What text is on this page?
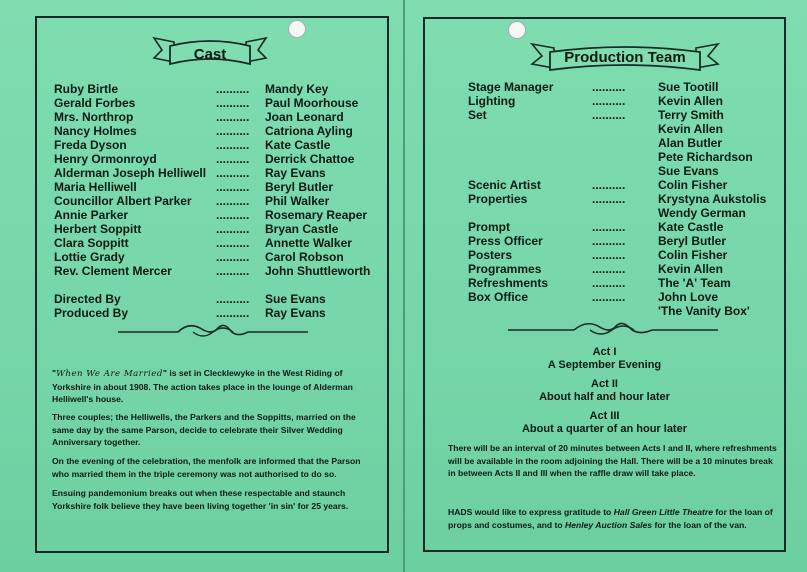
Cast	Production Team
Ruby Birtle	.......... Mandy Key
Gerald Forbes	.......... Paul Moorhouse
Mrs. Northrop	.......... Joan Leonard
Nancy Holmes	.......... Catriona Ayling
Freda Dyson	.......... Kate Castle
Henry Ormonroyd	.......... Derrick Chattoe
Alderman Joseph Helliwell .......... Ray Evans
Maria Helliwell	.......... Beryl Butler
Councillor Albert Parker .......... Phil Walker
Annie Parker	.......... Rosemary Reaper
Herbert Soppitt	.......... Bryan Castle
Clara Soppitt	.......... Annette Walker
Lottie Grady	.......... Carol Robson
Rev. Clement Mercer	.......... John Shuttleworth
Directed By	.......... Sue Evans
Produced By	.......... Ray Evans
"When We Are Married" is set in Clecklewyke in the West Riding of Yorkshire in about 1908. The action takes place in the lounge of Alderman Helliwell's house.
Three couples; the Helliwells, the Parkers and the Soppitts, married on the same day by the same Parson, decide to celebrate their Silver Wedding Anniversary together.
On the evening of the celebration, the menfolk are informed that the Parson who married them in the triple ceremony was not authorised to do so.
Ensuing pandemonium breaks out when these respectable and staunch Yorkshire folk believe they have been living together 'in sin' for 25 years.
Stage Manager	..........	Sue Tootill
Lighting	..........	Kevin Allen
Set	..........	Terry Smith
Kevin Allen
Alan Butler
Pete Richardson
Sue Evans
Scenic Artist	..........	Colin Fisher
Properties	..........	Krystyna Aukstolis
Wendy German
Prompt	..........	Kate Castle
Press Officer	..........	Beryl Butler
Posters	..........	Colin Fisher
Programmes	..........	Kevin Allen
Refreshments	..........	The 'A' Team
Box Office	..........	John Love
'The Vanity Box'
Act I
A September Evening
Act II
About half and hour later
Act III
About a quarter of an hour later
There will be an interval of 20 minutes between Acts I and II, where refreshments will be available in the room adjoining the Hall. There will be a 10 minutes break in between Acts II and III when the raffle draw will take place.
HADS would like to express gratitude to Hall Green Little Theatre for the loan of props and costumes, and to Henley Auction Sales for the loan of the van.
